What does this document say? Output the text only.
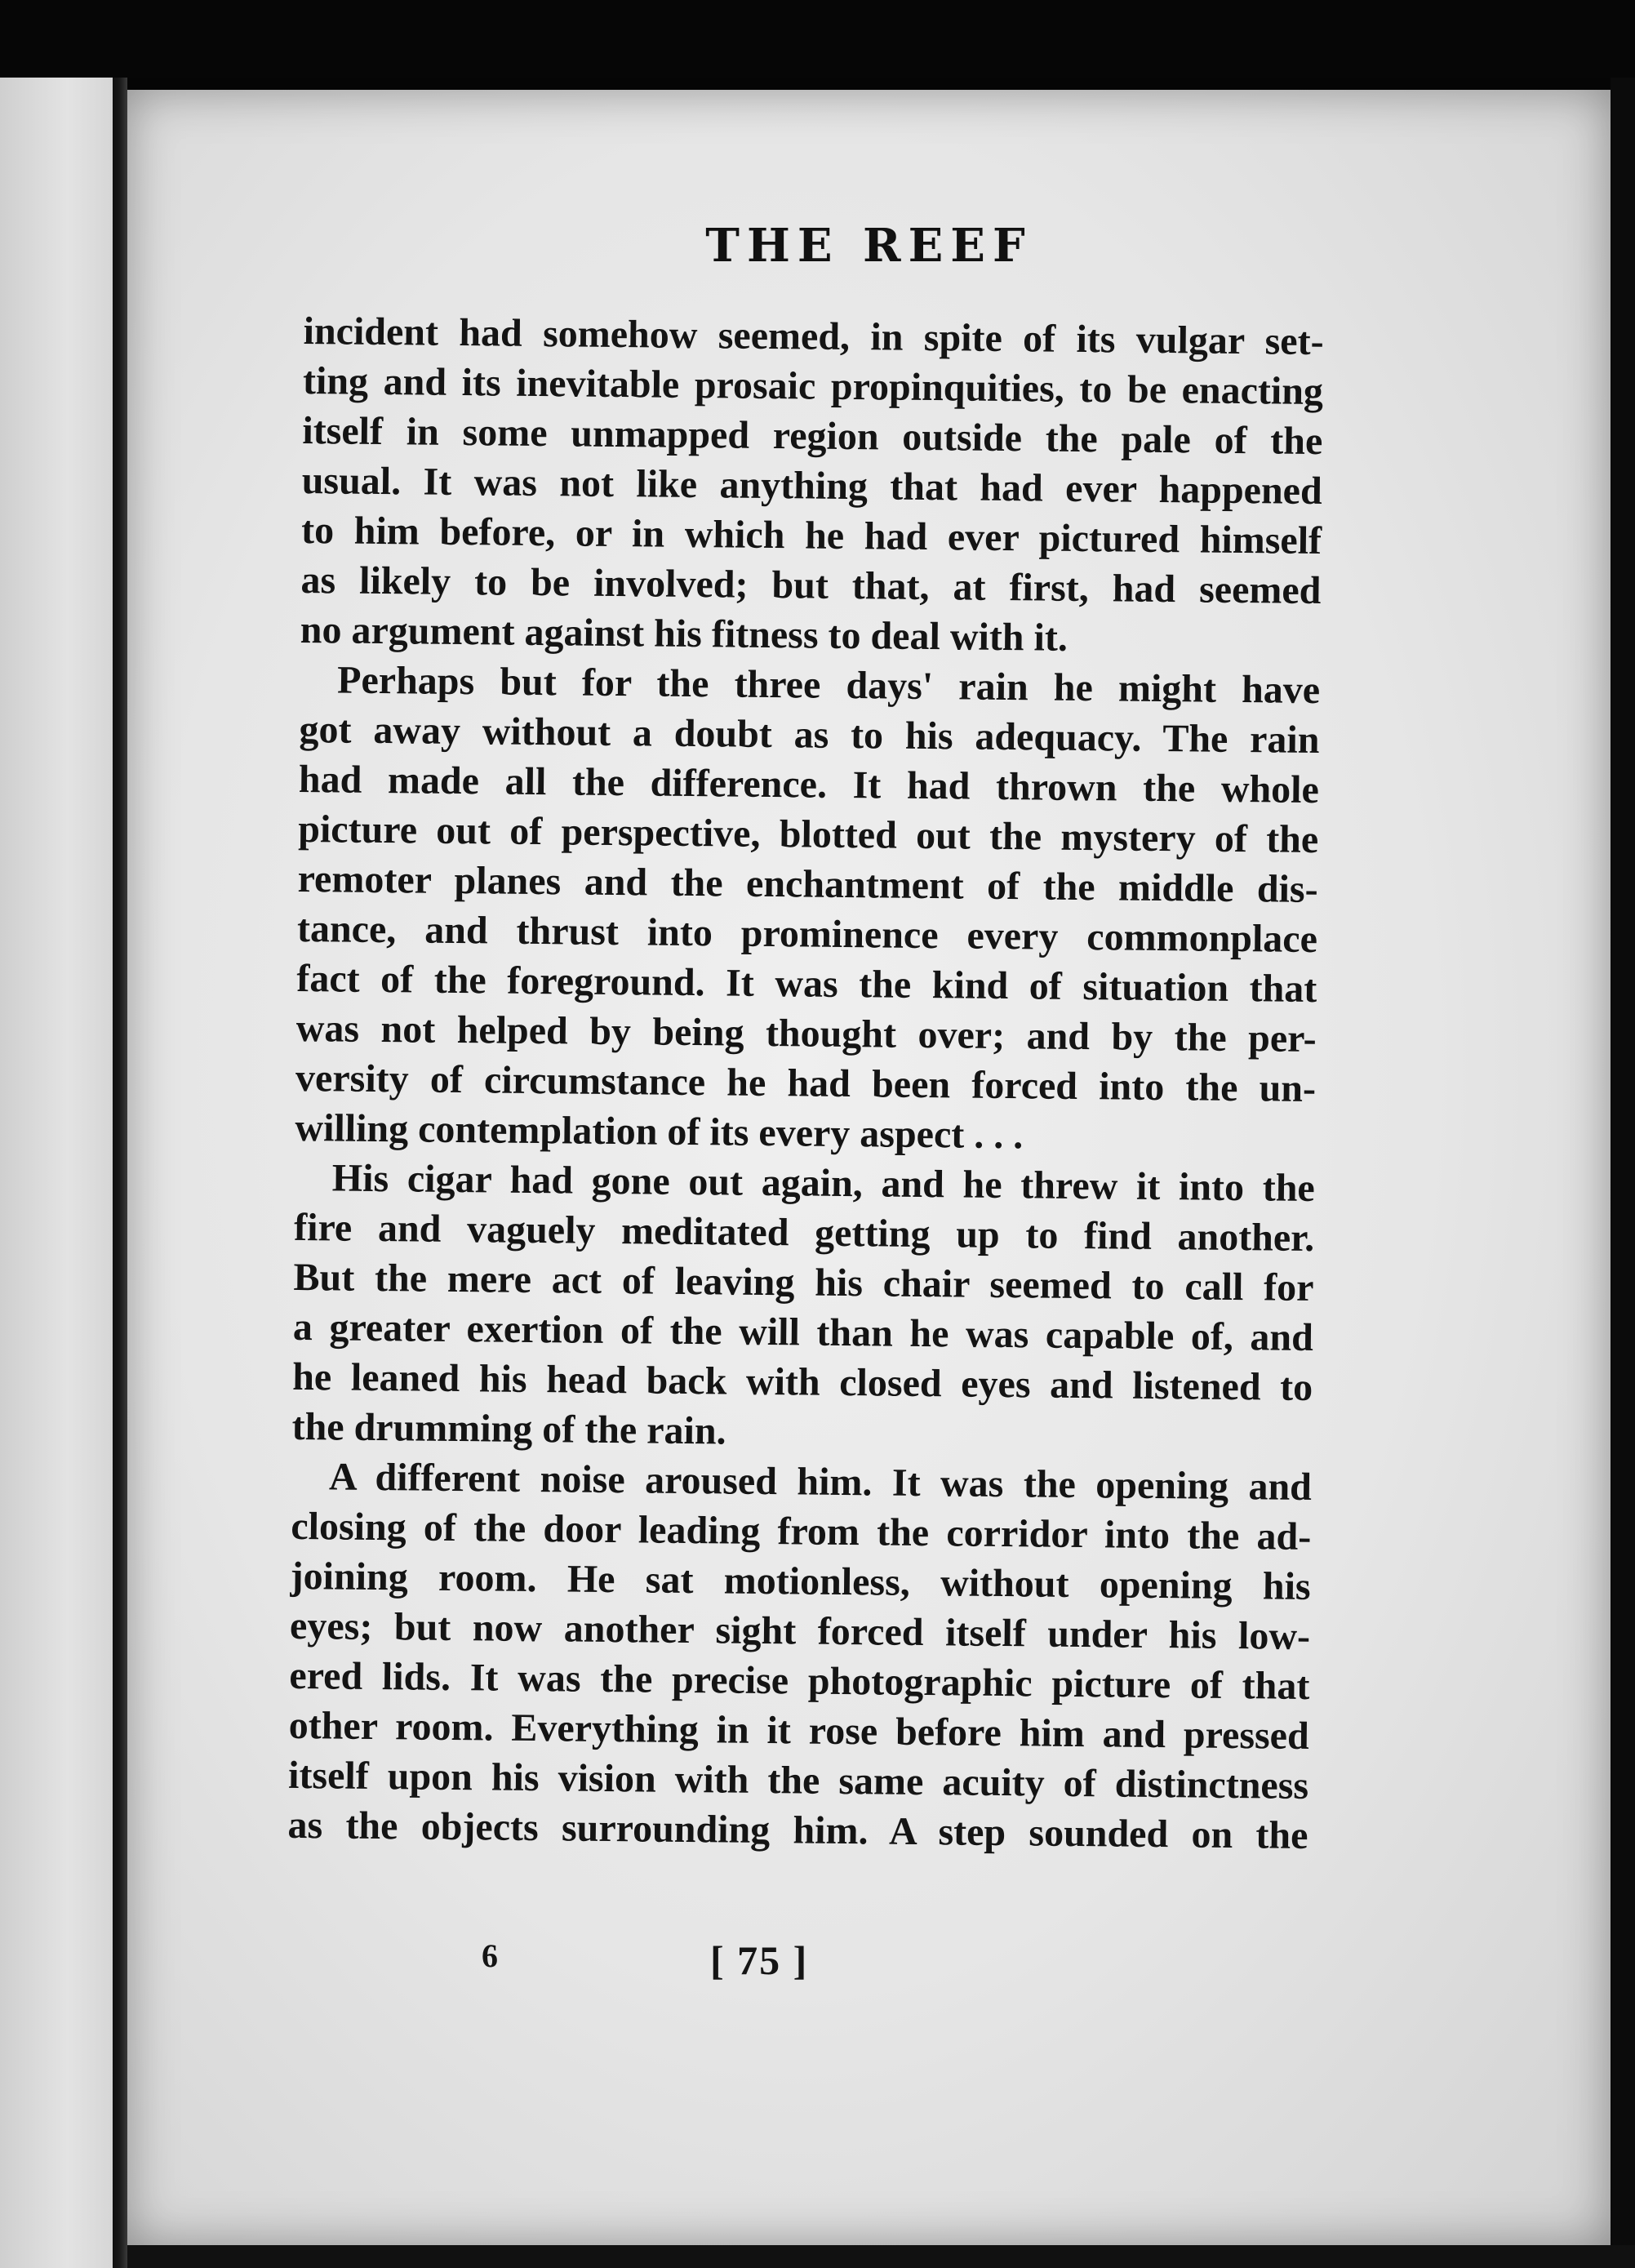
THE REEF

incident had somehow seemed, in spite of its vulgar set-
ting and its inevitable prosaic propinquities, to be enacting
itself in some unmapped region outside the pale of the
usual. It was not like anything that had ever happened
to him before, or in which he had ever pictured himself
as likely to be involved; but that, at first, had seemed
no argument against his fitness to deal with it.

Perhaps but for the three days' rain he might have
got away without a doubt as to his adequacy. The rain
had made all the difference. It had thrown the whole
picture out of perspective, blotted out the mystery of the
remoter planes and the enchantment of the middle dis-
tance, and thrust into prominence every commonplace
fact of the foreground. It was the kind of situation that
was not helped by being thought over; and by the per-
versity of circumstance he had been forced into the un-
willing contemplation of its every aspect . . .

His cigar had gone out again, and he threw it into the
fire and vaguely meditated getting up to find another.
But the mere act of leaving his chair seemed to call for
a greater exertion of the will than he was capable of, and
he leaned his head back with closed eyes and listened to
the drumming of the rain.

A different noise aroused him. It was the opening and
closing of the door leading from the corridor into the ad-
joining room. He sat motionless, without opening his
eyes; but now another sight forced itself under his low-
ered lids. It was the precise photographic picture of that
other room. Everything in it rose before him and pressed
itself upon his vision with the same acuity of distinctness
as the objects surrounding him. A step sounded on the

6	[ 75 ]
